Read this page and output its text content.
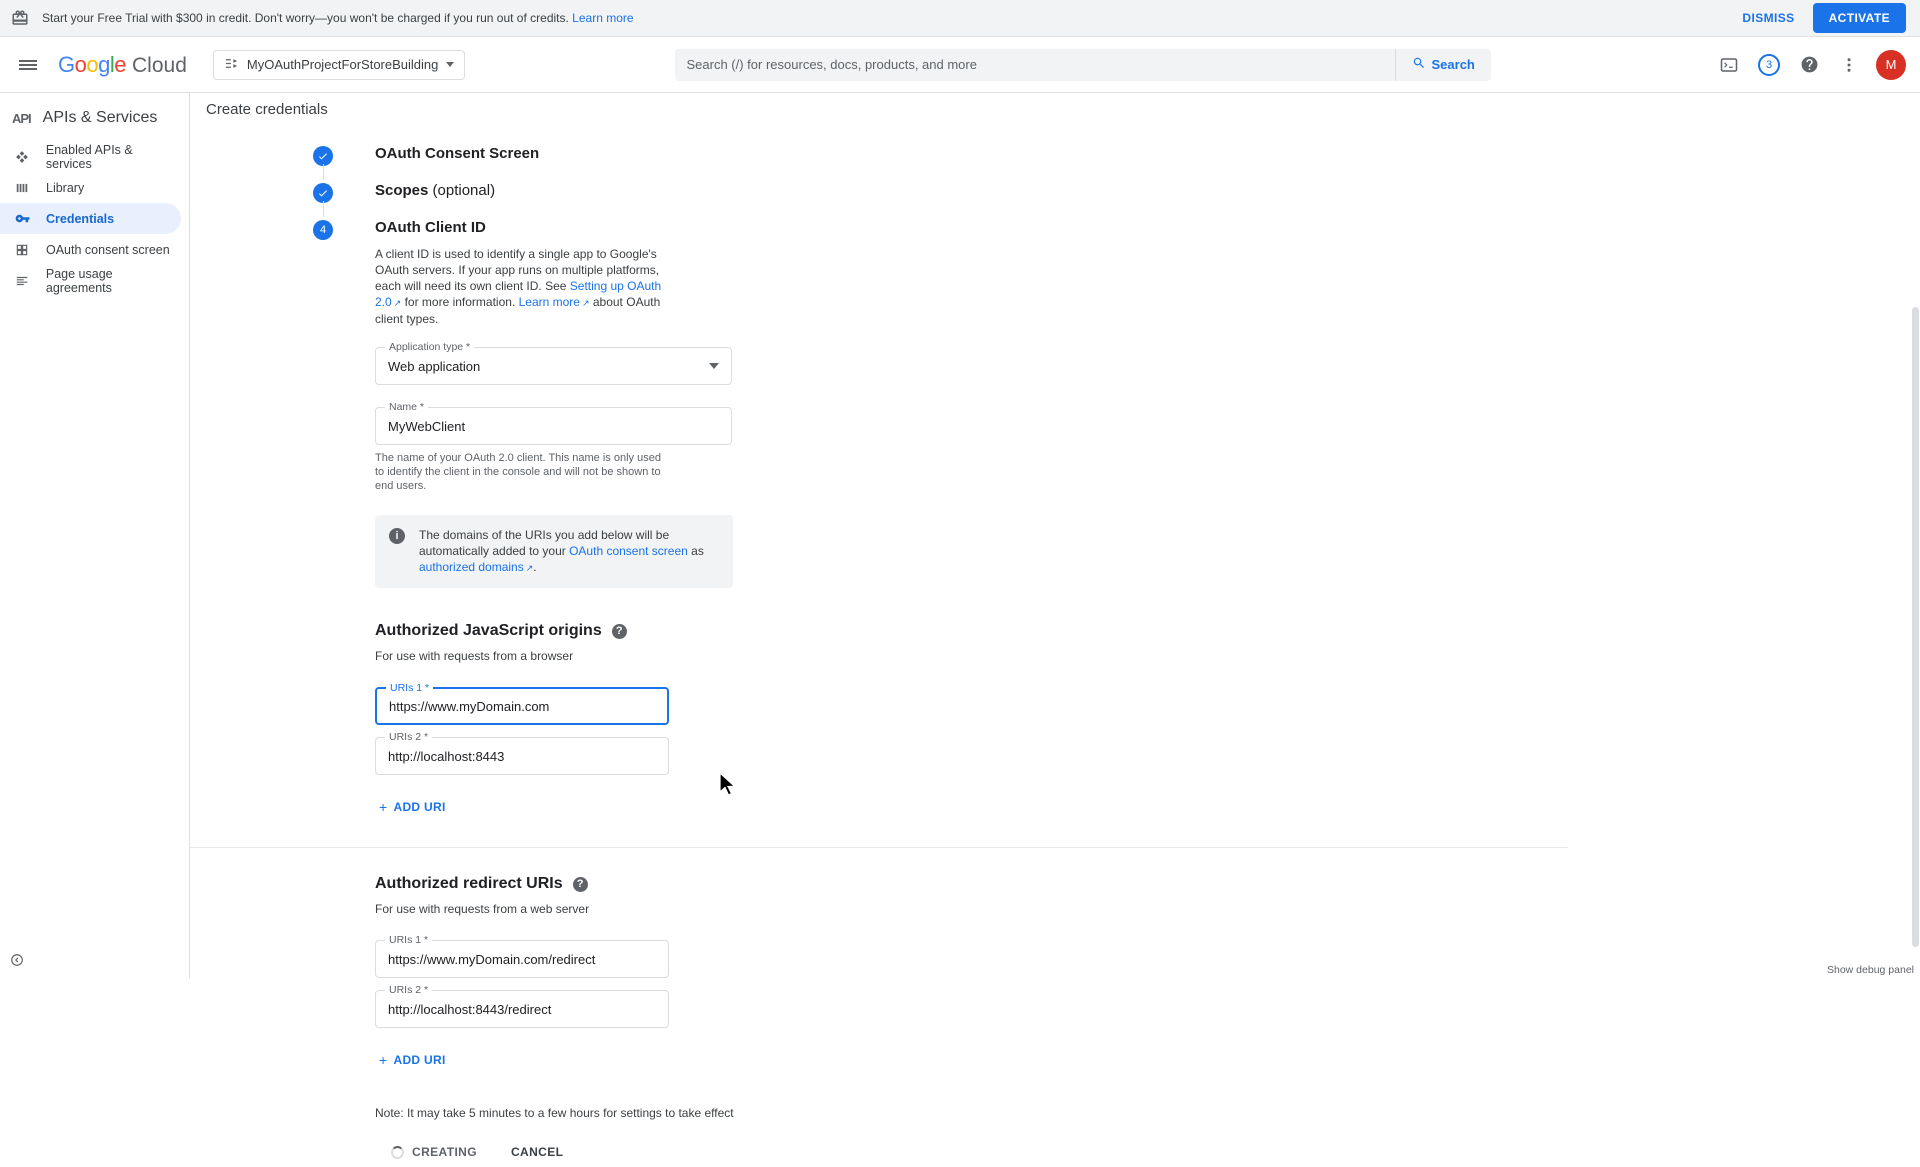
Start your Free Trial with $300 in credit. Don't worry—you won't be charged if you run out of credits. Learn more	DISMISS	ACTIVATE
Google Cloud	MyOAuthProjectForStoreBuilding	Search (/) for resources, docs, products, and more	Search	3	M
API APIs & Services
Enabled APIs & services
Library
Credentials
OAuth consent screen
Page usage agreements
Create credentials
OAuth Consent Screen
Scopes (optional)
4	OAuth Client ID
A client ID is used to identify a single app to Google's OAuth servers. If your app runs on multiple platforms, each will need its own client ID. See Setting up OAuth 2.0 ↗ for more information. Learn more ↗ about OAuth client types.
Application type *
Web application
Name *
MyWebClient
The name of your OAuth 2.0 client. This name is only used to identify the client in the console and will not be shown to end users.
i	The domains of the URIs you add below will be automatically added to your OAuth consent screen as authorized domains ↗ .
Authorized JavaScript origins	?
For use with requests from a browser
URIs 1 *
https://www.myDomain.com
URIs 2 *
http://localhost:8443
+ ADD URI
Authorized redirect URIs	?
For use with requests from a web server
URIs 1 *
https://www.myDomain.com/redirect
URIs 2 *
http://localhost:8443/redirect
+ ADD URI
Note: It may take 5 minutes to a few hours for settings to take effect
CREATING	CANCEL
Show debug panel
